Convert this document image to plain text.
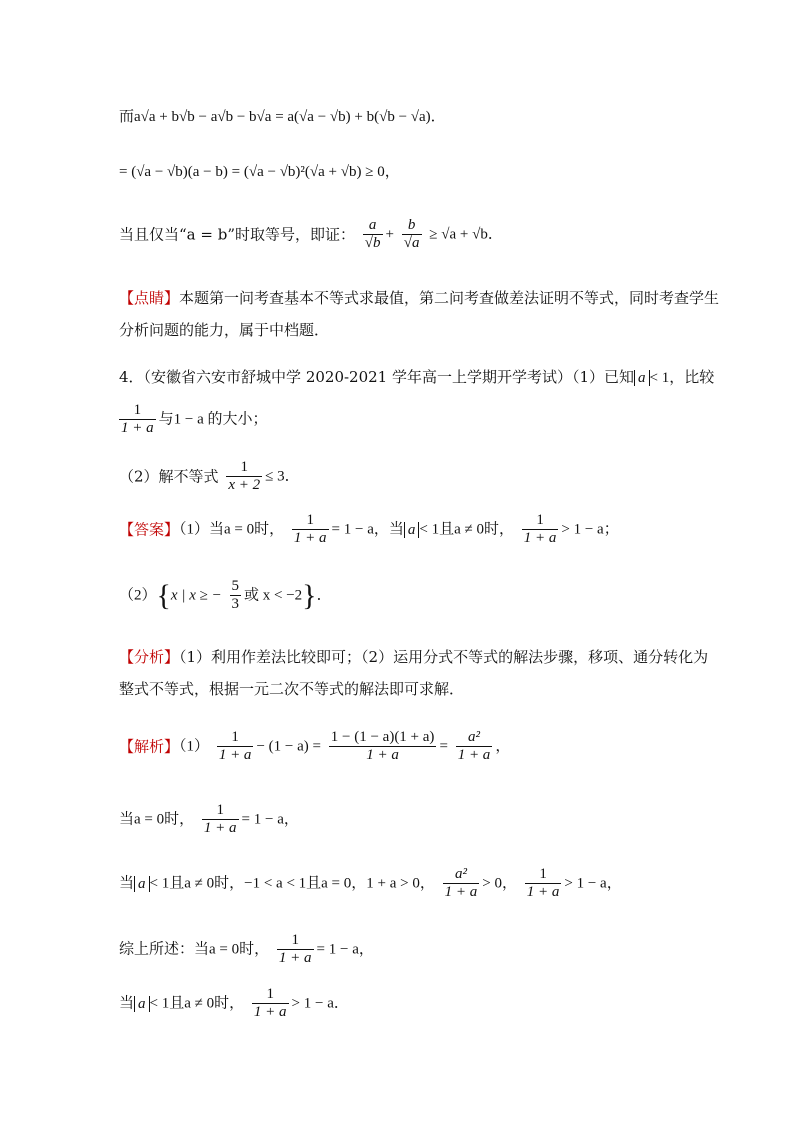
而a√a + b√b − a√b − b√a = a(√a − √b) + b(√b − √a)．
= (√a − √b)(a − b) = (√a − √b)²(√a + √b) ≥ 0，
当且仅当“a = b”时取等号，即证： $\frac{a}{√b} + \frac{b}{√a} \ge √a + √b$．
【点睛】本题第一问考查基本不等式求最值，第二问考查做差法证明不等式，同时考查学生
分析问题的能力，属于中档题．
4．（安徽省六安市舒城中学 2020-2021 学年高一上学期开学考试）（1）已知 a < 1，比较
$\frac{1}{1 + a}$ 与1 − a 的大小；
（2）解不等式 $\frac{1}{x + 2} \le 3$．
【答案】（1）当a = 0时， $\frac{1}{1 + a} = 1 - a$，当 a < 1且a ≠ 0时， $\frac{1}{1 + a} > 1 - a$；
（2）{x | x ≥ − $\frac{5}{3}$ 或 x < −2}．
【分析】（1）利用作差法比较即可；（2）运用分式不等式的解法步骤，移项、通分转化为
整式不等式，根据一元二次不等式的解法即可求解．
【解析】$(1) \frac{1}{1 + a} - (1 - a) = \frac{1 - (1 - a)(1 + a)}{1 + a} = \frac{\text{a²}}{1 + a}$ ，
当a = 0时， $\frac{1}{1 + a} = 1 - a$，
当 a < 1且a ≠ 0时，−1 < a < 1且a = 0，1 + a > 0， $\frac{\text{a²}}{1 + a} > 0$， $\frac{1}{1 + a} > 1 - a$，
综上所述：当a = 0时， $\frac{1}{1 + a} = 1 - a$，
当 a < 1且a ≠ 0时， $\frac{1}{1 + a} > 1 - a$．
